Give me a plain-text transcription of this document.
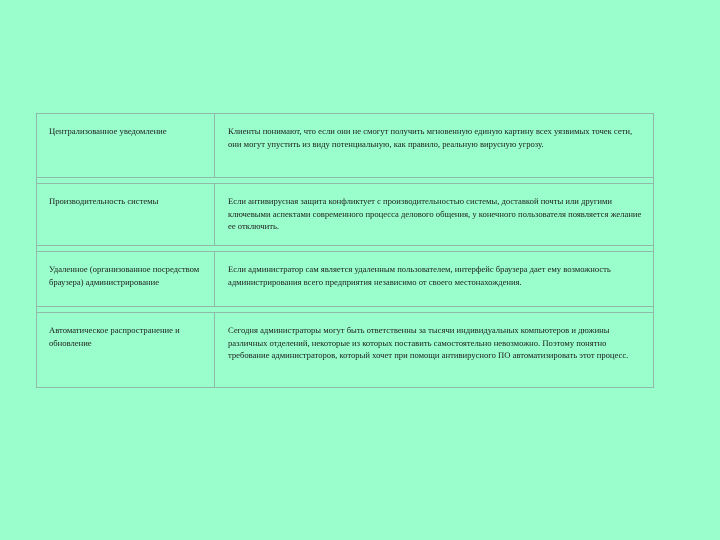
Централизованное уведомление	Клиенты понимают, что если они не смогут получить мгновенную единую картину всех уязвимых точек сети, они могут упустить из виду потенциальную, как правило, реальную вирусную угрозу.
Производительность системы	Если антивирусная защита конфликтует с производительностью системы, доставкой почты или другими ключевыми аспектами современного процесса делового общения, у конечного пользователя появляется желание ее отключить.
Удаленное (организованное посредством браузера) администрирование
Если администратор сам является удаленным пользователем, интерфейс браузера дает ему возможность администрирования всего предприятия независимо от своего местонахождения.
Автоматическое распространение и обновление
Сегодня администраторы могут быть ответственны за тысячи индивидуальных компьютеров и дюжины различных отделений, некоторые из которых поставить самостоятельно невозможно. Поэтому понятно требование администраторов, который хочет при помощи антивирусного ПО автоматизировать этот процесс.
